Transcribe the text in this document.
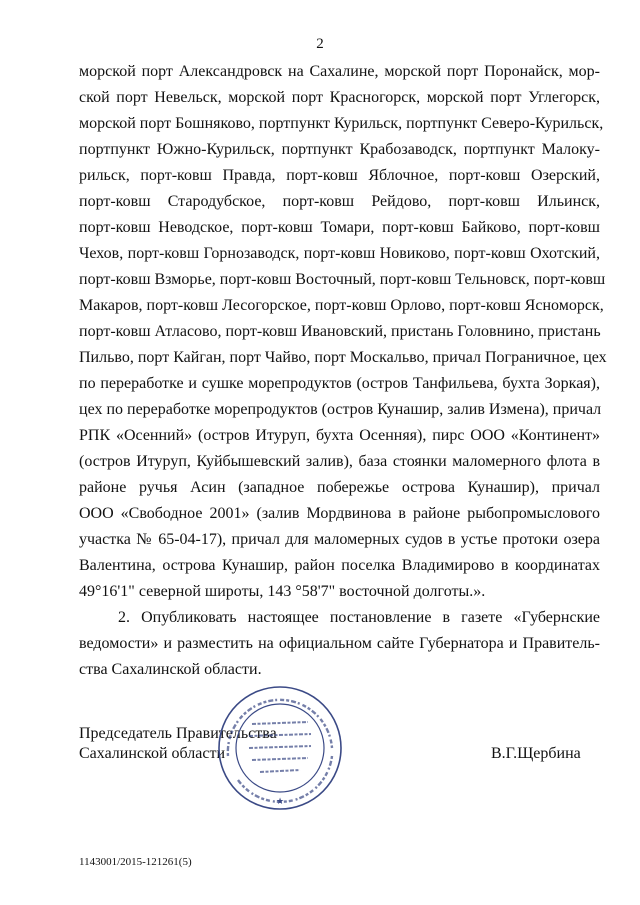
2
морской порт Александровск на Сахалине, морской порт Поронайск, мор-
ской порт Невельск, морской порт Красногорск, морской порт Углегорск,
морской порт Бошняково, портпункт Курильск, портпункт Северо-Курильск,
портпункт Южно-Курильск, портпункт Крабозаводск, портпункт Малоку-
рильск, порт-ковш Правда, порт-ковш Яблочное, порт-ковш Озерский,
порт-ковш Стародубское, порт-ковш Рейдово, порт-ковш Ильинск,
порт-ковш Неводское, порт-ковш Томари, порт-ковш Байково, порт-ковш
Чехов, порт-ковш Горнозаводск, порт-ковш Новиково, порт-ковш Охотский,
порт-ковш Взморье, порт-ковш Восточный, порт-ковш Тельновск, порт-ковш
Макаров, порт-ковш Лесогорское, порт-ковш Орлово, порт-ковш Ясноморск,
порт-ковш Атласово, порт-ковш Ивановский, пристань Головнино, пристань
Пильво, порт Кайган, порт Чайво, порт Москальво, причал Пограничное, цех
по переработке и сушке морепродуктов (остров Танфильева, бухта Зоркая),
цех по переработке морепродуктов (остров Кунашир, залив Измена), причал
РПК «Осенний» (остров Итуруп, бухта Осенняя), пирс ООО «Континент»
(остров Итуруп, Куйбышевский залив), база стоянки маломерного флота в
районе ручья Асин (западное побережье острова Кунашир), причал
ООО «Свободное 2001» (залив Мордвинова в районе рыбопромыслового
участка № 65-04-17), причал для маломерных судов в устье протоки озера
Валентина, острова Кунашир, район поселка Владимирово в координатах
49°16'1" северной широты, 143 °58'7" восточной долготы.».
2. Опубликовать настоящее постановление в газете «Губернские
ведомости» и разместить на официальном сайте Губернатора и Правитель-
ства Сахалинской области.
Председатель Правительства
Сахалинской области	В.Г.Щербина
★
1143001/2015-121261(5)
